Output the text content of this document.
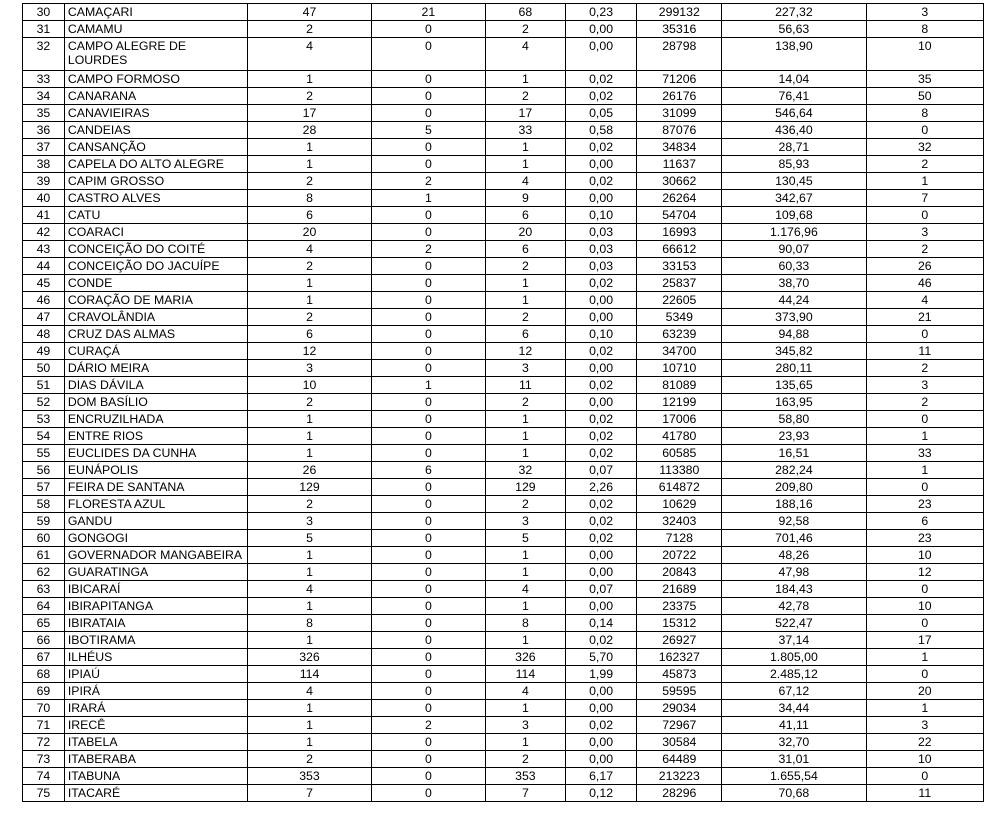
30	CAMAÇARI	47	21	68	0,23	299132	227,32	3
31	CAMAMU	2	0	2	0,00	35316	56,63	8
32	CAMPO ALEGRE DE LOURDES	4	0	4	0,00	28798	138,90	10
33	CAMPO FORMOSO	1	0	1	0,02	71206	14,04	35
34	CANARANA	2	0	2	0,02	26176	76,41	50
35	CANAVIEIRAS	17	0	17	0,05	31099	546,64	8
36	CANDEIAS	28	5	33	0,58	87076	436,40	0
37	CANSANÇÃO	1	0	1	0,02	34834	28,71	32
38	CAPELA DO ALTO ALEGRE	1	0	1	0,00	11637	85,93	2
39	CAPIM GROSSO	2	2	4	0,02	30662	130,45	1
40	CASTRO ALVES	8	1	9	0,00	26264	342,67	7
41	CATU	6	0	6	0,10	54704	109,68	0
42	COARACI	20	0	20	0,03	16993	1.176,96	3
43	CONCEIÇÃO DO COITÉ	4	2	6	0,03	66612	90,07	2
44	CONCEIÇÃO DO JACUÍPE	2	0	2	0,03	33153	60,33	26
45	CONDE	1	0	1	0,02	25837	38,70	46
46	CORAÇÃO DE MARIA	1	0	1	0,00	22605	44,24	4
47	CRAVOLÂNDIA	2	0	2	0,00	5349	373,90	21
48	CRUZ DAS ALMAS	6	0	6	0,10	63239	94,88	0
49	CURAÇÁ	12	0	12	0,02	34700	345,82	11
50	DÁRIO MEIRA	3	0	3	0,00	10710	280,11	2
51	DIAS DÁVILA	10	1	11	0,02	81089	135,65	3
52	DOM BASÍLIO	2	0	2	0,00	12199	163,95	2
53	ENCRUZILHADA	1	0	1	0,02	17006	58,80	0
54	ENTRE RIOS	1	0	1	0,02	41780	23,93	1
55	EUCLIDES DA CUNHA	1	0	1	0,02	60585	16,51	33
56	EUNÁPOLIS	26	6	32	0,07	113380	282,24	1
57	FEIRA DE SANTANA	129	0	129	2,26	614872	209,80	0
58	FLORESTA AZUL	2	0	2	0,02	10629	188,16	23
59	GANDU	3	0	3	0,02	32403	92,58	6
60	GONGOGI	5	0	5	0,02	7128	701,46	23
61	GOVERNADOR MANGABEIRA	1	0	1	0,00	20722	48,26	10
62	GUARATINGA	1	0	1	0,00	20843	47,98	12
63	IBICARAÍ	4	0	4	0,07	21689	184,43	0
64	IBIRAPITANGA	1	0	1	0,00	23375	42,78	10
65	IBIRATAIA	8	0	8	0,14	15312	522,47	0
66	IBOTIRAMA	1	0	1	0,02	26927	37,14	17
67	ILHÉUS	326	0	326	5,70	162327	1.805,00	1
68	IPIAÚ	114	0	114	1,99	45873	2.485,12	0
69	IPIRÁ	4	0	4	0,00	59595	67,12	20
70	IRARÁ	1	0	1	0,00	29034	34,44	1
71	IRECÊ	1	2	3	0,02	72967	41,11	3
72	ITABELA	1	0	1	0,00	30584	32,70	22
73	ITABERABA	2	0	2	0,00	64489	31,01	10
74	ITABUNA	353	0	353	6,17	213223	1.655,54	0
75	ITACARÉ	7	0	7	0,12	28296	70,68	11
